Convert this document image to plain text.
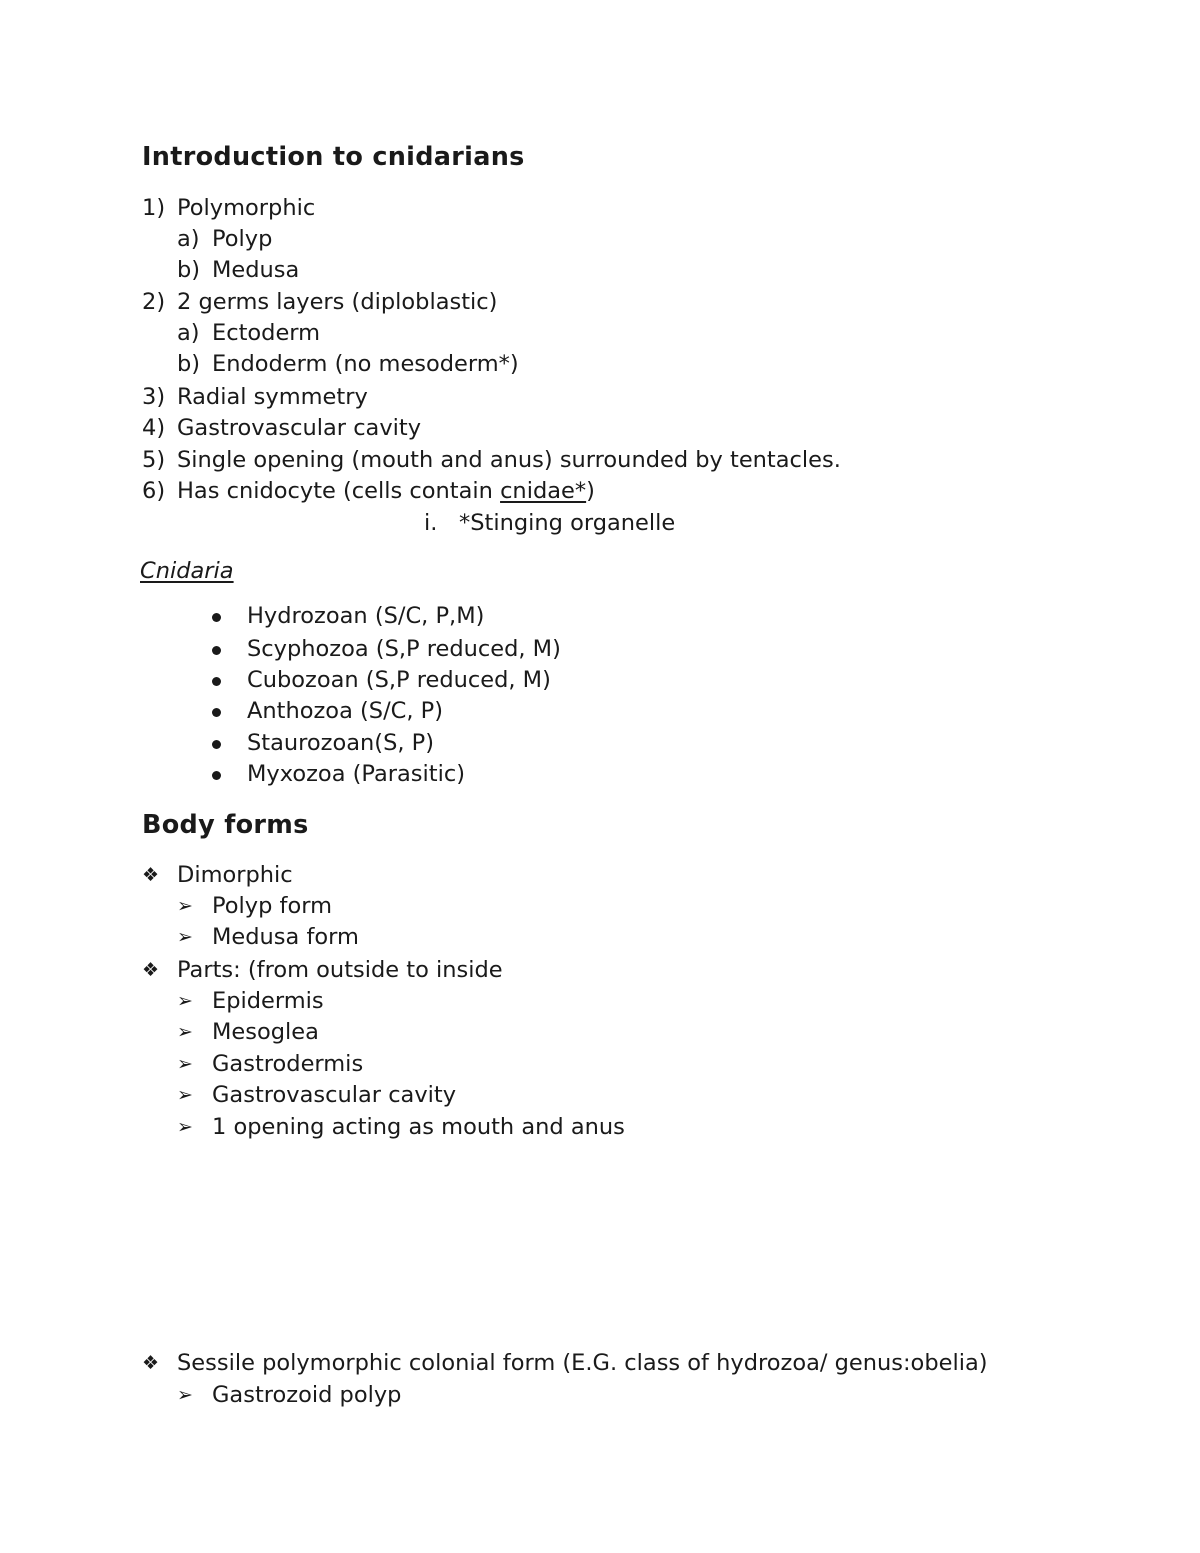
Introduction to cnidarians
1) Polymorphic
a) Polyp
b) Medusa
2) 2 germs layers (diploblastic)
a) Ectoderm
b) Endoderm (no mesoderm*)
3) Radial symmetry
4) Gastrovascular cavity
5) Single opening (mouth and anus) surrounded by tentacles.
6) Has cnidocyte (cells contain cnidae*)
i. *Stinging organelle
Cnidaria
Hydrozoan (S/C, P,M)
Scyphozoa (S,P reduced, M)
Cubozoan (S,P reduced, M)
Anthozoa (S/C, P)
Staurozoan(S, P)
Myxozoa (Parasitic)
Body forms
❖ Dimorphic
➢ Polyp form
➢ Medusa form
❖ Parts: (from outside to inside
➢ Epidermis
➢ Mesoglea
➢ Gastrodermis
➢ Gastrovascular cavity
➢ 1 opening acting as mouth and anus
❖ Sessile polymorphic colonial form (E.G. class of hydrozoa/ genus:obelia)
➢ Gastrozoid polyp
